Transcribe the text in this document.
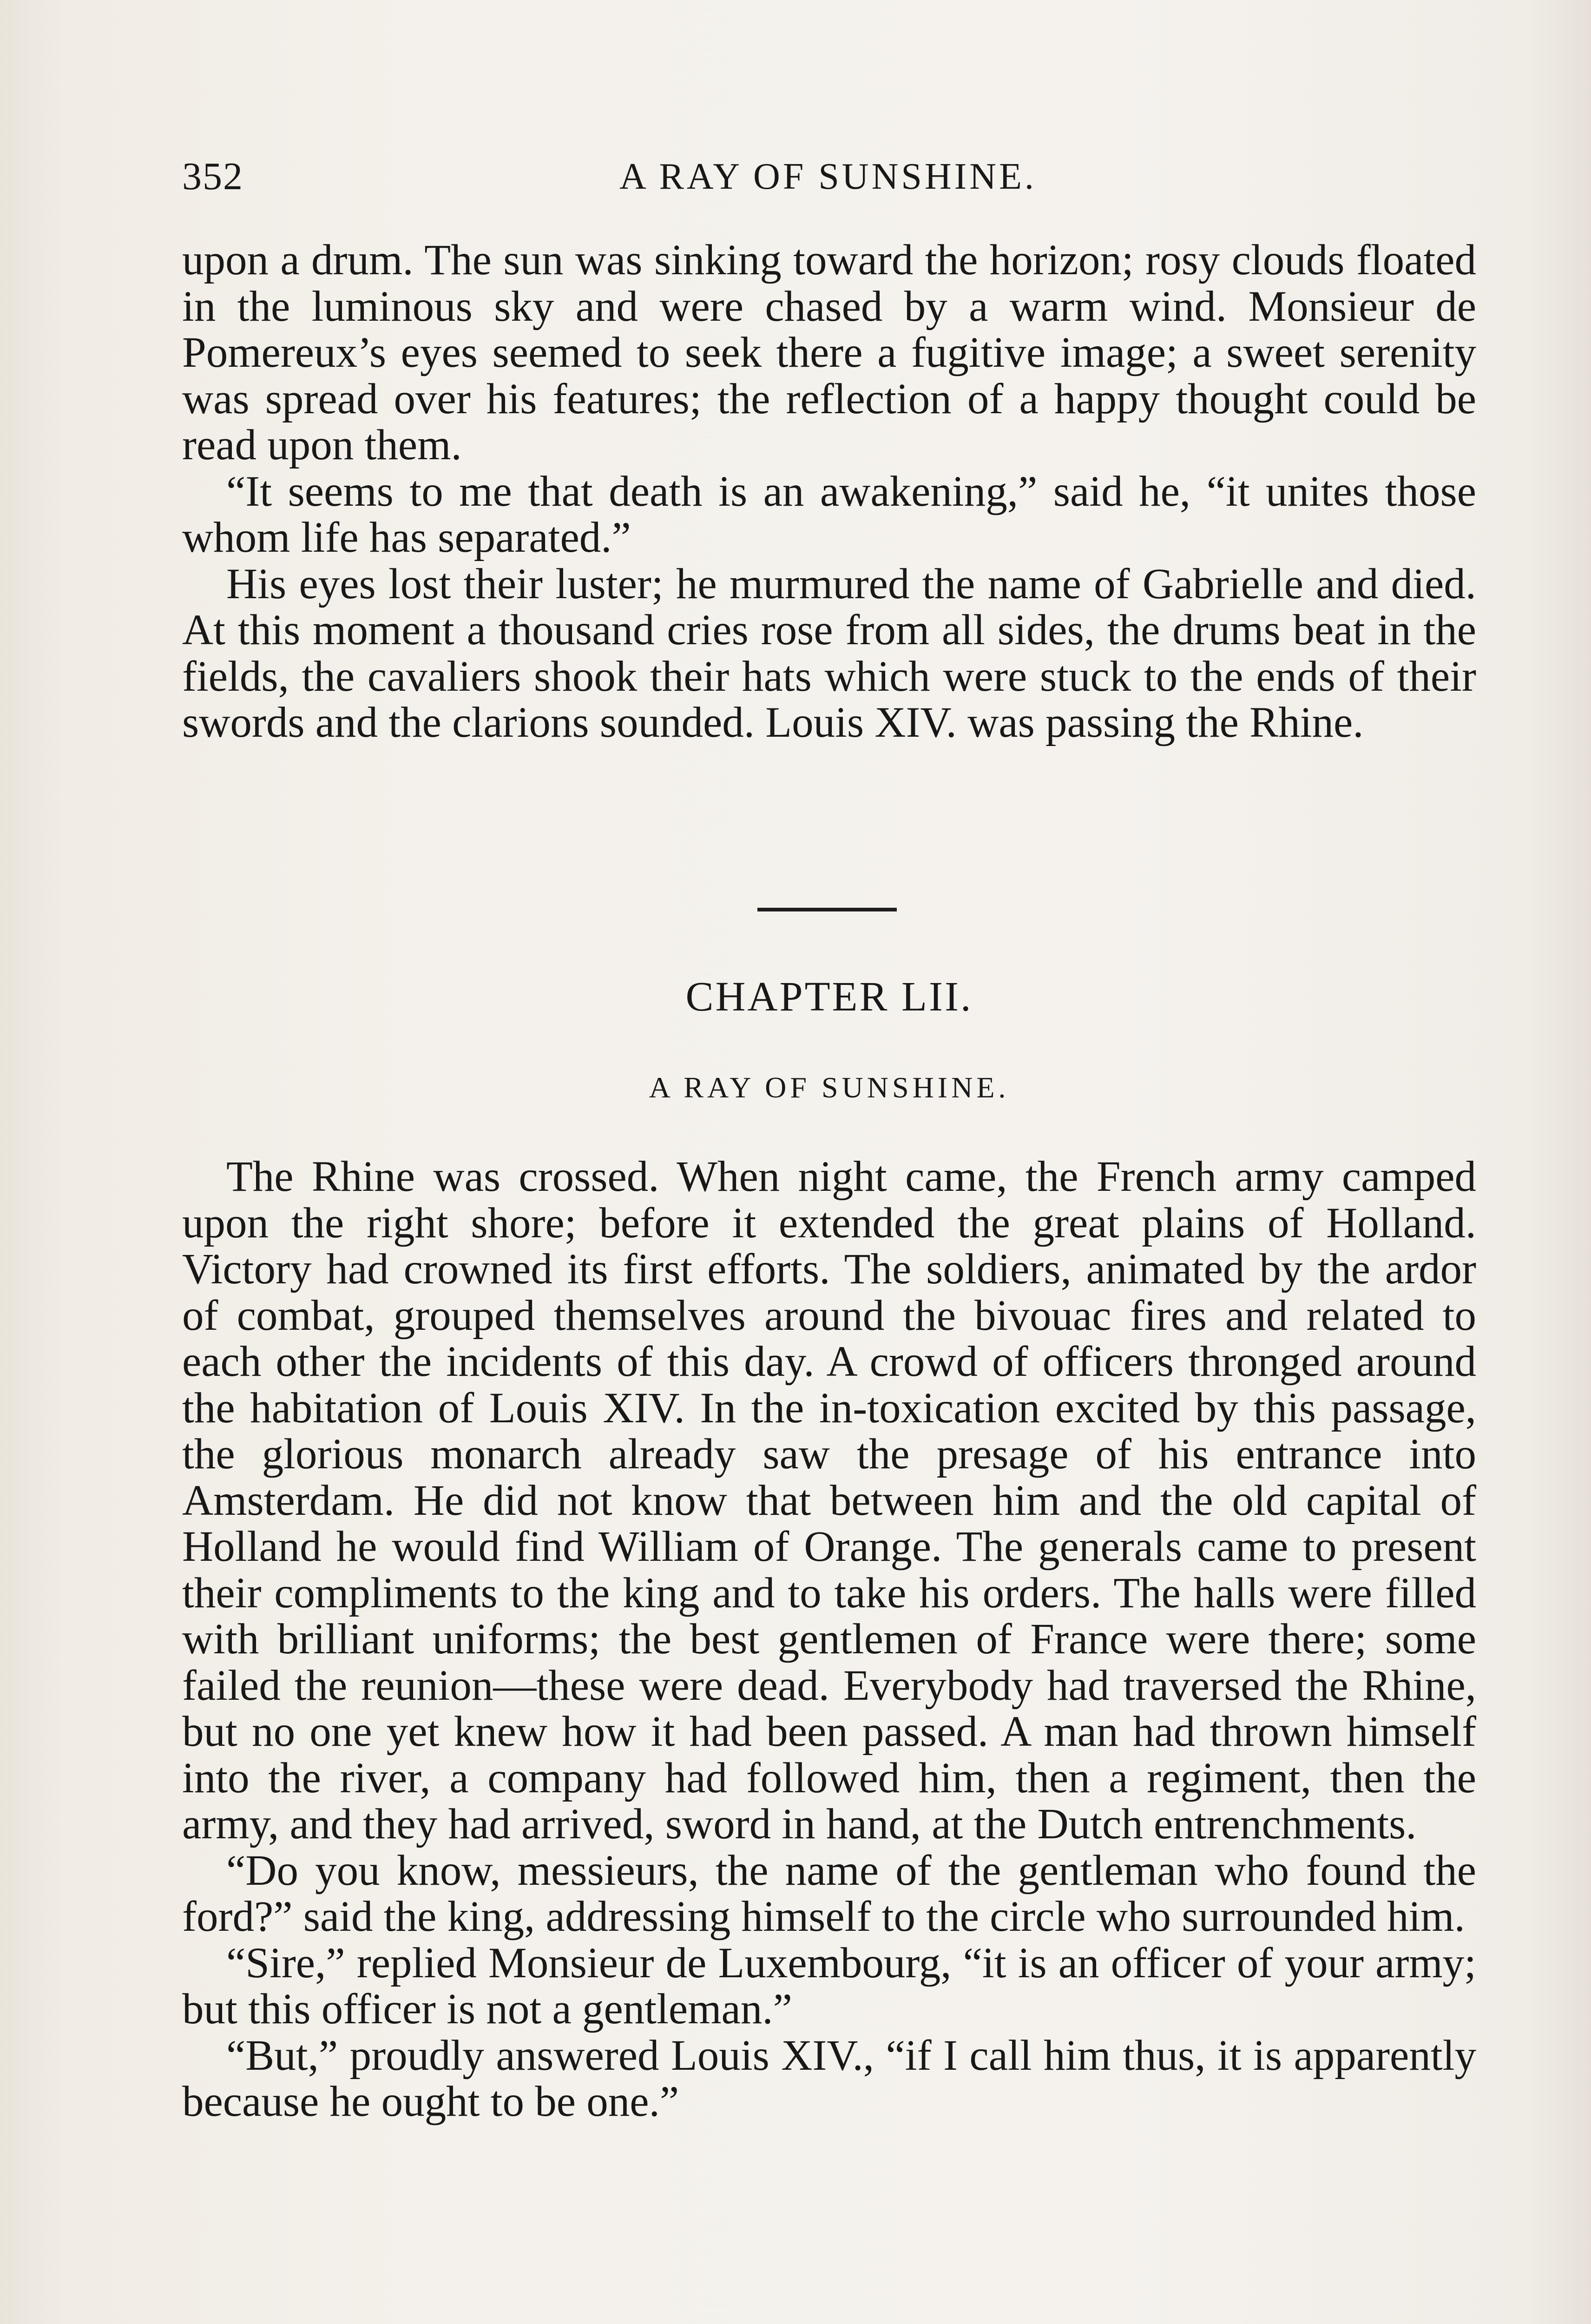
352	A RAY OF SUNSHINE.

upon a drum. The sun was sinking toward the horizon; rosy clouds floated in the luminous sky and were chased by a warm wind. Monsieur de Pomereux’s eyes seemed to seek there a fugitive image; a sweet serenity was spread over his features; the reflection of a happy thought could be read upon them.

“It seems to me that death is an awakening,” said he, “it unites those whom life has separated.”

His eyes lost their luster; he murmured the name of Gabrielle and died. At this moment a thousand cries rose from all sides, the drums beat in the fields, the cavaliers shook their hats which were stuck to the ends of their swords and the clarions sounded. Louis XIV. was passing the Rhine.

CHAPTER LII.
A RAY OF SUNSHINE.

The Rhine was crossed. When night came, the French army camped upon the right shore; before it extended the great plains of Holland. Victory had crowned its first efforts. The soldiers, animated by the ardor of combat, grouped themselves around the bivouac fires and related to each other the incidents of this day. A crowd of officers thronged around the habitation of Louis XIV. In the in-toxication excited by this passage, the glorious monarch already saw the presage of his entrance into Amsterdam. He did not know that between him and the old capital of Holland he would find William of Orange. The generals came to present their compliments to the king and to take his orders. The halls were filled with brilliant uniforms; the best gentlemen of France were there; some failed the reunion—these were dead. Everybody had traversed the Rhine, but no one yet knew how it had been passed. A man had thrown himself into the river, a company had followed him, then a regiment, then the army, and they had arrived, sword in hand, at the Dutch entrenchments.

“Do you know, messieurs, the name of the gentleman who found the ford?” said the king, addressing himself to the circle who surrounded him.

“Sire,” replied Monsieur de Luxembourg, “it is an officer of your army; but this officer is not a gentleman.”

“But,” proudly answered Louis XIV., “if I call him thus, it is apparently because he ought to be one.”
